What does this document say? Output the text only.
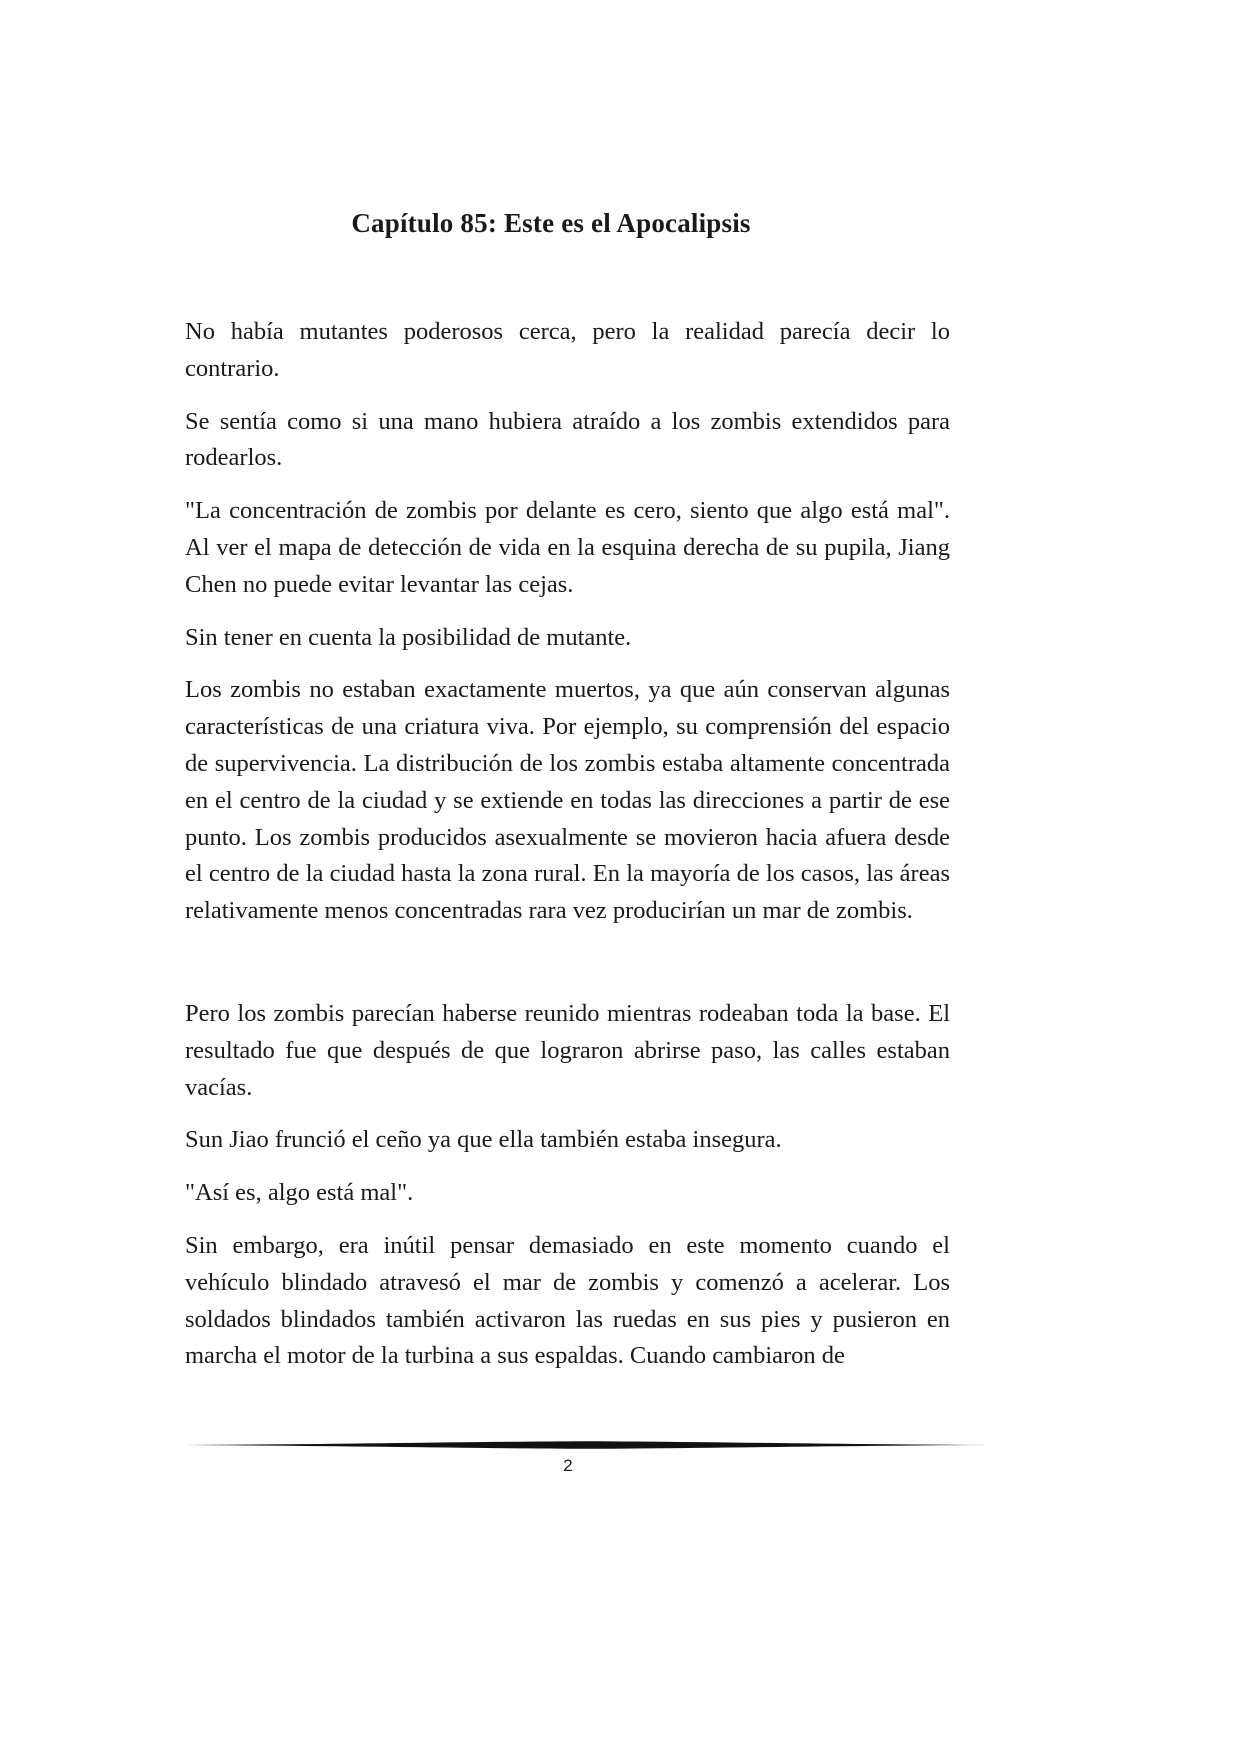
Capítulo 85: Este es el Apocalipsis

No había mutantes poderosos cerca, pero la realidad parecía decir lo contrario.

Se sentía como si una mano hubiera atraído a los zombis extendidos para rodearlos.

"La concentración de zombis por delante es cero, siento que algo está mal". Al ver el mapa de detección de vida en la esquina derecha de su pupila, Jiang Chen no puede evitar levantar las cejas.

Sin tener en cuenta la posibilidad de mutante.

Los zombis no estaban exactamente muertos, ya que aún conservan algunas características de una criatura viva. Por ejemplo, su comprensión del espacio de supervivencia. La distribución de los zombis estaba altamente concentrada en el centro de la ciudad y se extiende en todas las direcciones a partir de ese punto. Los zombis producidos asexualmente se movieron hacia afuera desde el centro de la ciudad hasta la zona rural. En la mayoría de los casos, las áreas relativamente menos concentradas rara vez producirían un mar de zombis.

Pero los zombis parecían haberse reunido mientras rodeaban toda la base. El resultado fue que después de que lograron abrirse paso, las calles estaban vacías.

Sun Jiao frunció el ceño ya que ella también estaba insegura.

"Así es, algo está mal".

Sin embargo, era inútil pensar demasiado en este momento cuando el vehículo blindado atravesó el mar de zombis y comenzó a acelerar. Los soldados blindados también activaron las ruedas en sus pies y pusieron en marcha el motor de la turbina a sus espaldas. Cuando cambiaron de

2
